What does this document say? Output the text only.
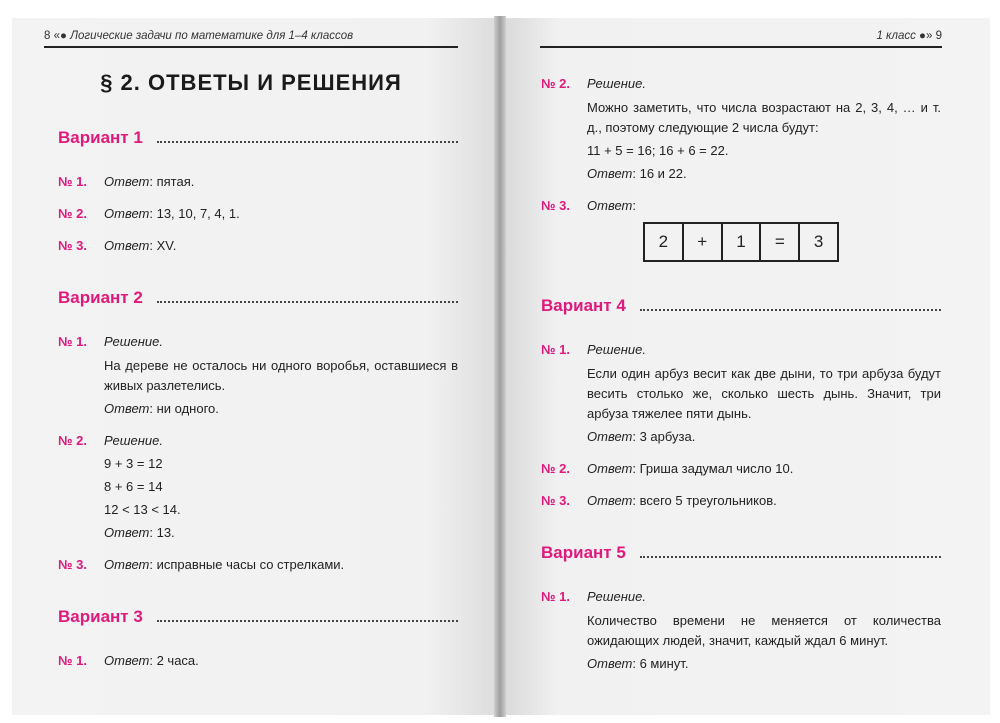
8 «● Логические задачи по математике для 1–4 классов	1 класс ●» 9
§ 2. ОТВЕТЫ И РЕШЕНИЯ
Вариант 1
№ 1.	Ответ: пятая.
№ 2.	Ответ: 13, 10, 7, 4, 1.
№ 3.	Ответ: XV.
Вариант 2
№ 1.	Решение.
На дереве не осталось ни одного воробья, оставшиеся в живых разлетелись.
Ответ: ни одного.
№ 2.	Решение.
9 + 3 = 12
8 + 6 = 14
12 < 13 < 14.
Ответ: 13.
№ 3.	Ответ: исправные часы со стрелками.
Вариант 3
№ 1.	Ответ: 2 часа.
№ 2.	Решение.
Можно заметить, что числа возрастают на 2, 3, 4, … и т. д., поэтому следующие 2 числа будут:
11 + 5 = 16; 16 + 6 = 22.
Ответ: 16 и 22.
№ 3.	Ответ:
2	+	1	=	3
Вариант 4
№ 1.	Решение.
Если один арбуз весит как две дыни, то три арбуза будут весить столько же, сколько шесть дынь. Значит, три арбуза тяжелее пяти дынь.
Ответ: 3 арбуза.
№ 2.	Ответ: Гриша задумал число 10.
№ 3.	Ответ: всего 5 треугольников.
Вариант 5
№ 1.	Решение.
Количество времени не меняется от количества ожидающих людей, значит, каждый ждал 6 минут.
Ответ: 6 минут.
